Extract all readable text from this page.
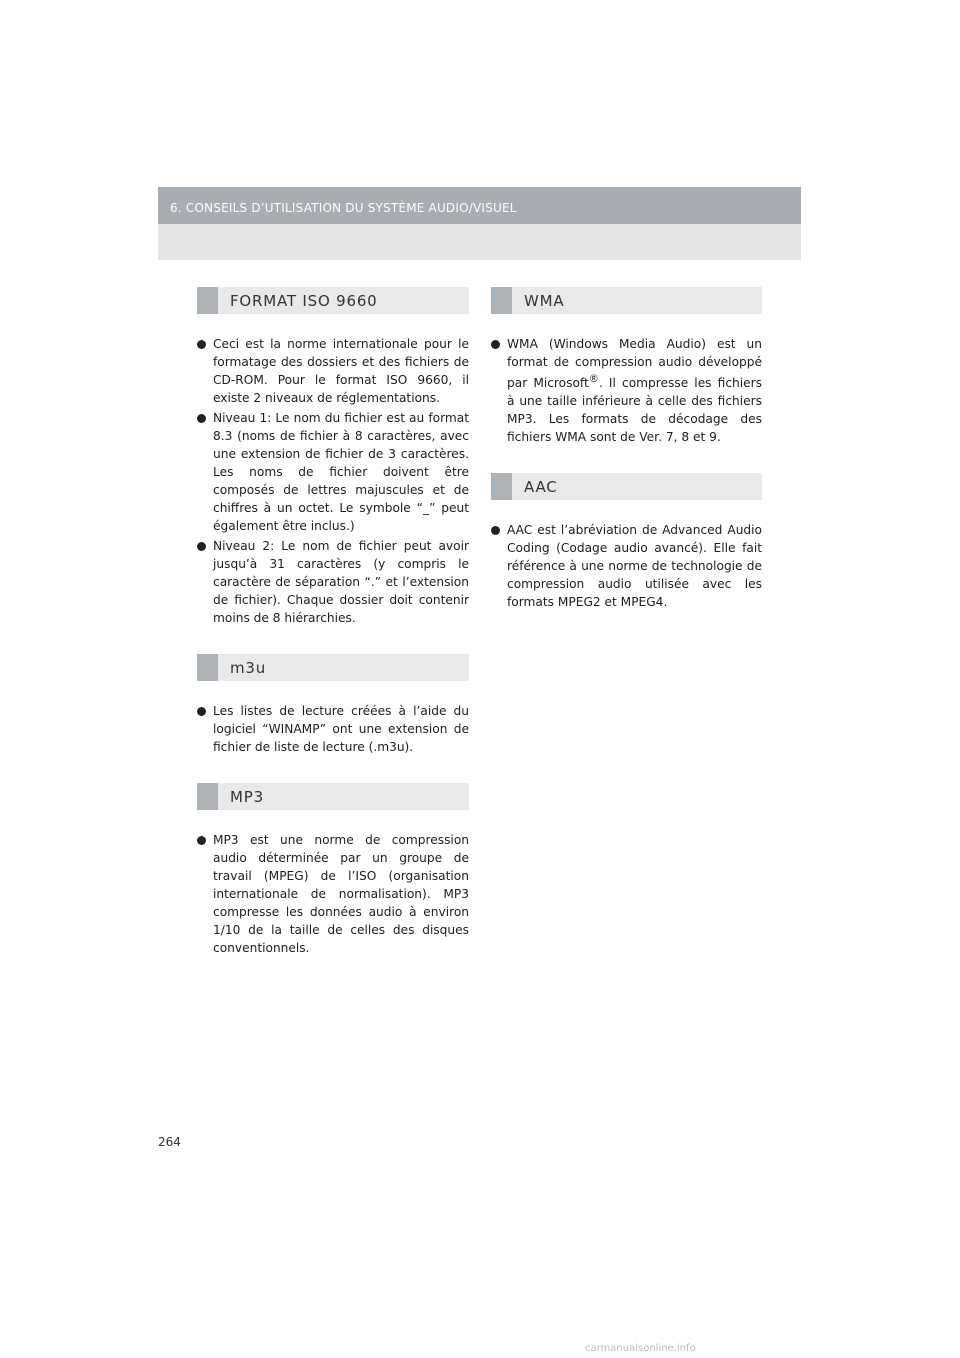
6. CONSEILS D’UTILISATION DU SYSTÈME AUDIO/VISUEL
FORMAT ISO 9660
Ceci est la norme internationale pour le formatage des dossiers et des fichiers de CD-ROM. Pour le format ISO 9660, il existe 2 niveaux de réglementations.
Niveau 1: Le nom du fichier est au format 8.3 (noms de fichier à 8 caractères, avec une extension de fichier de 3 caractères. Les noms de fichier doivent être composés de lettres majuscules et de chiffres à un octet. Le symbole “_” peut également être inclus.)
Niveau 2: Le nom de fichier peut avoir jusqu’à 31 caractères (y compris le caractère de séparation “.” et l’extension de fichier). Chaque dossier doit contenir moins de 8 hiérarchies.
m3u
Les listes de lecture créées à l’aide du logiciel “WINAMP” ont une extension de fichier de liste de lecture (.m3u).
MP3
MP3 est une norme de compression audio déterminée par un groupe de travail (MPEG) de l’ISO (organisation internationale de normalisation). MP3 compresse les données audio à environ 1/10 de la taille de celles des disques conventionnels.
WMA
WMA (Windows Media Audio) est un format de compression audio développé par Microsoft®. Il compresse les fichiers à une taille inférieure à celle des fichiers MP3. Les formats de décodage des fichiers WMA sont de Ver. 7, 8 et 9.
AAC
AAC est l’abréviation de Advanced Audio Coding (Codage audio avancé). Elle fait référence à une norme de technologie de compression audio utilisée avec les formats MPEG2 et MPEG4.
264
carmanualsonline.info
